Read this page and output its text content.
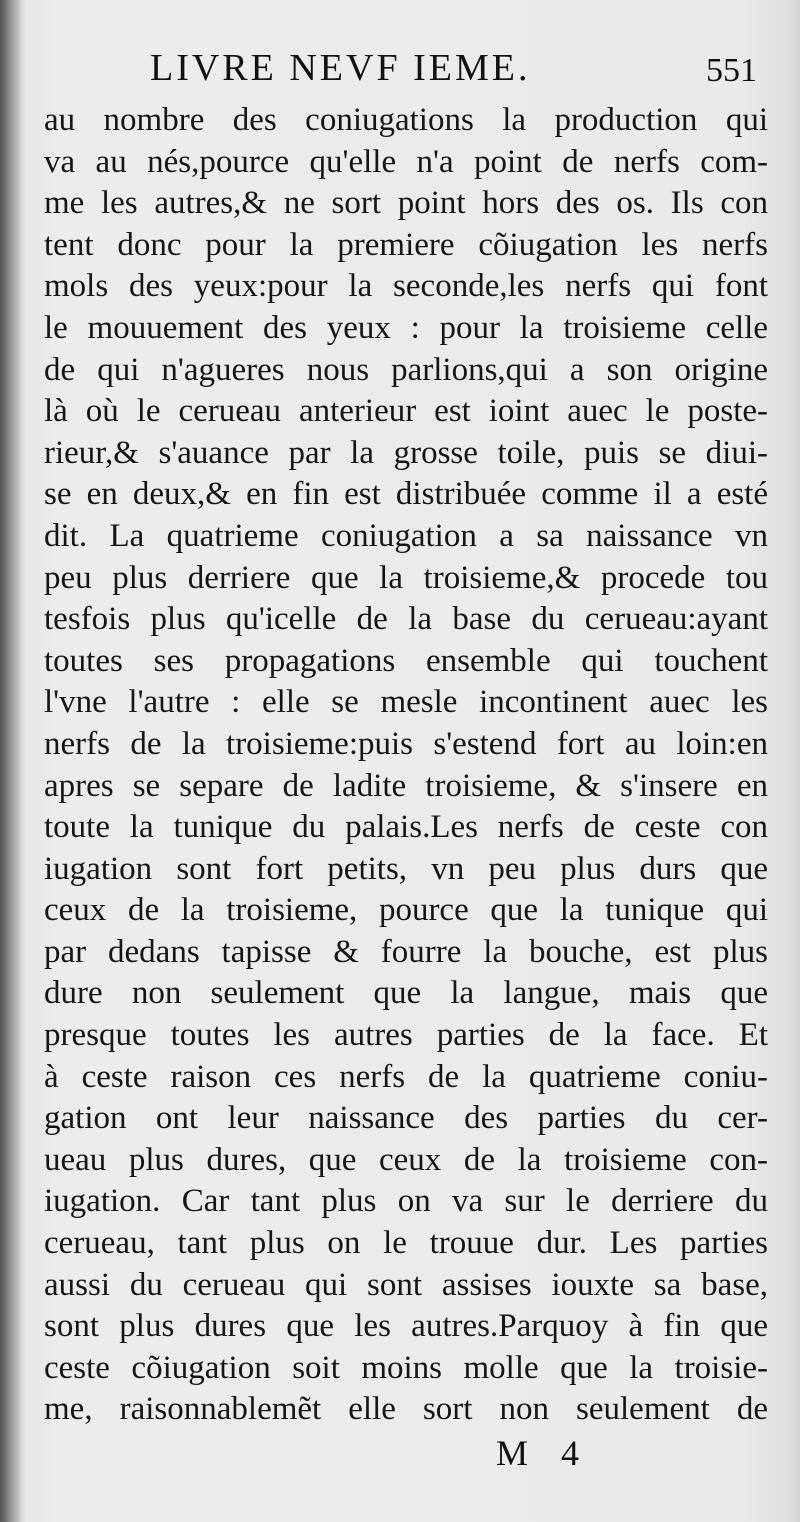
LIVRE NEVF IEME.	551
au nombre des coniugations la production qui
va au nés,pource qu'elle n'a point de nerfs com-
me les autres,& ne sort point hors des os. Ils con
tent donc pour la premiere cõiugation les nerfs
mols des yeux:pour la seconde,les nerfs qui font
le mouuement des yeux : pour la troisieme celle
de qui n'agueres nous parlions,qui a son origine
là où le cerueau anterieur est ioint auec le poste-
rieur,& s'auance par la grosse toile, puis se diui-
se en deux,& en fin est distribuée comme il a esté
dit. La quatrieme coniugation a sa naissance vn
peu plus derriere que la troisieme,& procede tou
tesfois plus qu'icelle de la base du cerueau:ayant
toutes ses propagations ensemble qui touchent
l'vne l'autre : elle se mesle incontinent auec les
nerfs de la troisieme:puis s'estend fort au loin:en
apres se separe de ladite troisieme, & s'insere en
toute la tunique du palais.Les nerfs de ceste con
iugation sont fort petits, vn peu plus durs que
ceux de la troisieme, pource que la tunique qui
par dedans tapisse & fourre la bouche, est plus
dure non seulement que la langue, mais que
presque toutes les autres parties de la face. Et
à ceste raison ces nerfs de la quatrieme coniu-
gation ont leur naissance des parties du cer-
ueau plus dures, que ceux de la troisieme con-
iugation. Car tant plus on va sur le derriere du
cerueau, tant plus on le trouue dur. Les parties
aussi du cerueau qui sont assises iouxte sa base,
sont plus dures que les autres.Parquoy à fin que
ceste cõiugation soit moins molle que la troisie-
me, raisonnablemẽt elle sort non seulement de
M 4
